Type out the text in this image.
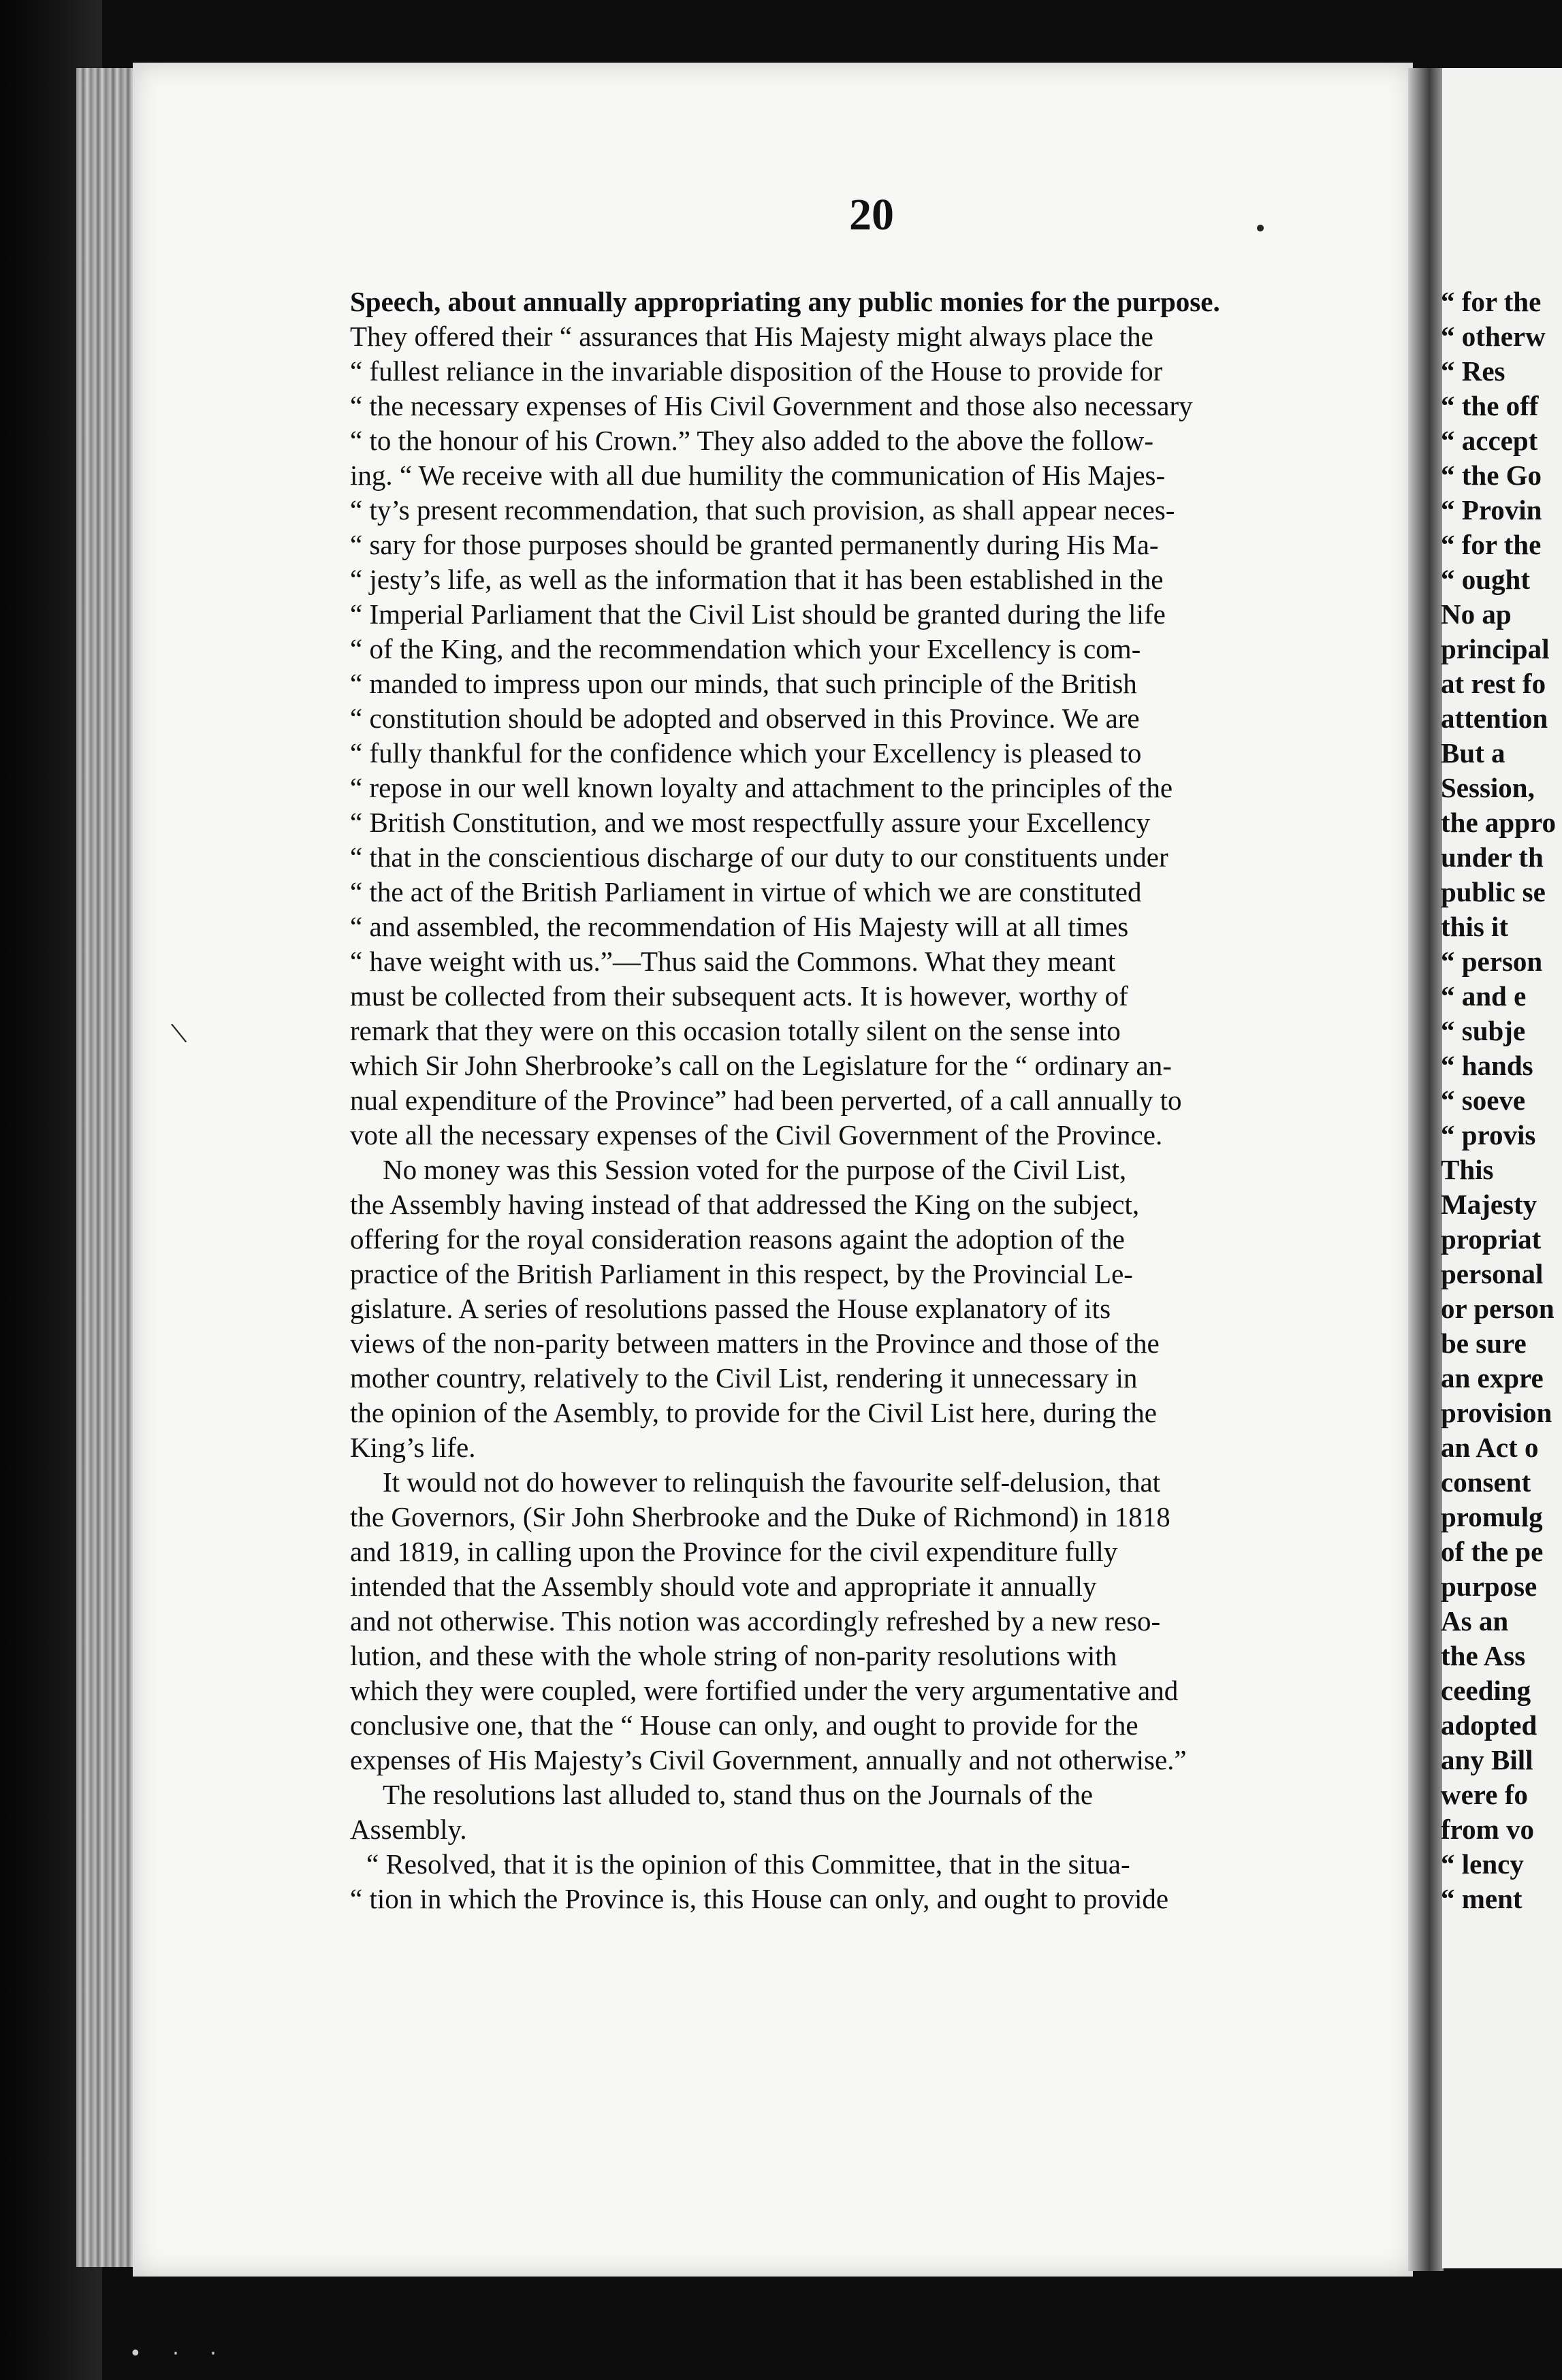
20
\
Speech, about annually appropriating any public monies for the purpose.
They offered their “ assurances that His Majesty might always place the
“ fullest reliance in the invariable disposition of the House to provide for
“ the necessary expenses of His Civil Government and those also necessary
“ to the honour of his Crown.” They also added to the above the follow-
ing. “ We receive with all due humility the communication of His Majes-
“ ty’s present recommendation, that such provision, as shall appear neces-
“ sary for those purposes should be granted permanently during His Ma-
“ jesty’s life, as well as the information that it has been established in the
“ Imperial Parliament that the Civil List should be granted during the life
“ of the King, and the recommendation which your Excellency is com-
“ manded to impress upon our minds, that such principle of the British
“ constitution should be adopted and observed in this Province. We are
“ fully thankful for the confidence which your Excellency is pleased to
“ repose in our well known loyalty and attachment to the principles of the
“ British Constitution, and we most respectfully assure your Excellency
“ that in the conscientious discharge of our duty to our constituents under
“ the act of the British Parliament in virtue of which we are constituted
“ and assembled, the recommendation of His Majesty will at all times
“ have weight with us.”—Thus said the Commons. What they meant
must be collected from their subsequent acts. It is however, worthy of
remark that they were on this occasion totally silent on the sense into
which Sir John Sherbrooke’s call on the Legislature for the “ ordinary an-
nual expenditure of the Province” had been perverted, of a call annually to
vote all the necessary expenses of the Civil Government of the Province.
No money was this Session voted for the purpose of the Civil List,
the Assembly having instead of that addressed the King on the subject,
offering for the royal consideration reasons againt the adoption of the
practice of the British Parliament in this respect, by the Provincial Le-
gislature. A series of resolutions passed the House explanatory of its
views of the non-parity between matters in the Province and those of the
mother country, relatively to the Civil List, rendering it unnecessary in
the opinion of the Asembly, to provide for the Civil List here, during the
King’s life.
It would not do however to relinquish the favourite self-delusion, that
the Governors, (Sir John Sherbrooke and the Duke of Richmond) in 1818
and 1819, in calling upon the Province for the civil expenditure fully
intended that the Assembly should vote and appropriate it annually
and not otherwise. This notion was accordingly refreshed by a new reso-
lution, and these with the whole string of non-parity resolutions with
which they were coupled, were fortified under the very argumentative and
conclusive one, that the “ House can only, and ought to provide for the
expenses of His Majesty’s Civil Government, annually and not otherwise.”
The resolutions last alluded to, stand thus on the Journals of the
Assembly.
“ Resolved, that it is the opinion of this Committee, that in the situa-
“ tion in which the Province is, this House can only, and ought to provide
“ for the
“ otherw
“ Res
“ the off
“ accept
“ the Go
“ Provin
“ for the
“ ought
No ap
principal
at rest fo
attention
But a
Session,
the appro
under th
public se
this it
“ person
“ and e
“ subje
“ hands
“ soeve
“ provis
This
Majesty
propriat
personal
or person
be sure
an expre
provision
an Act o
consent
promulg
of the pe
purpose
As an
the Ass
ceeding
adopted
any Bill
were fo
from vo
“ lency
“ ment
• · ·
